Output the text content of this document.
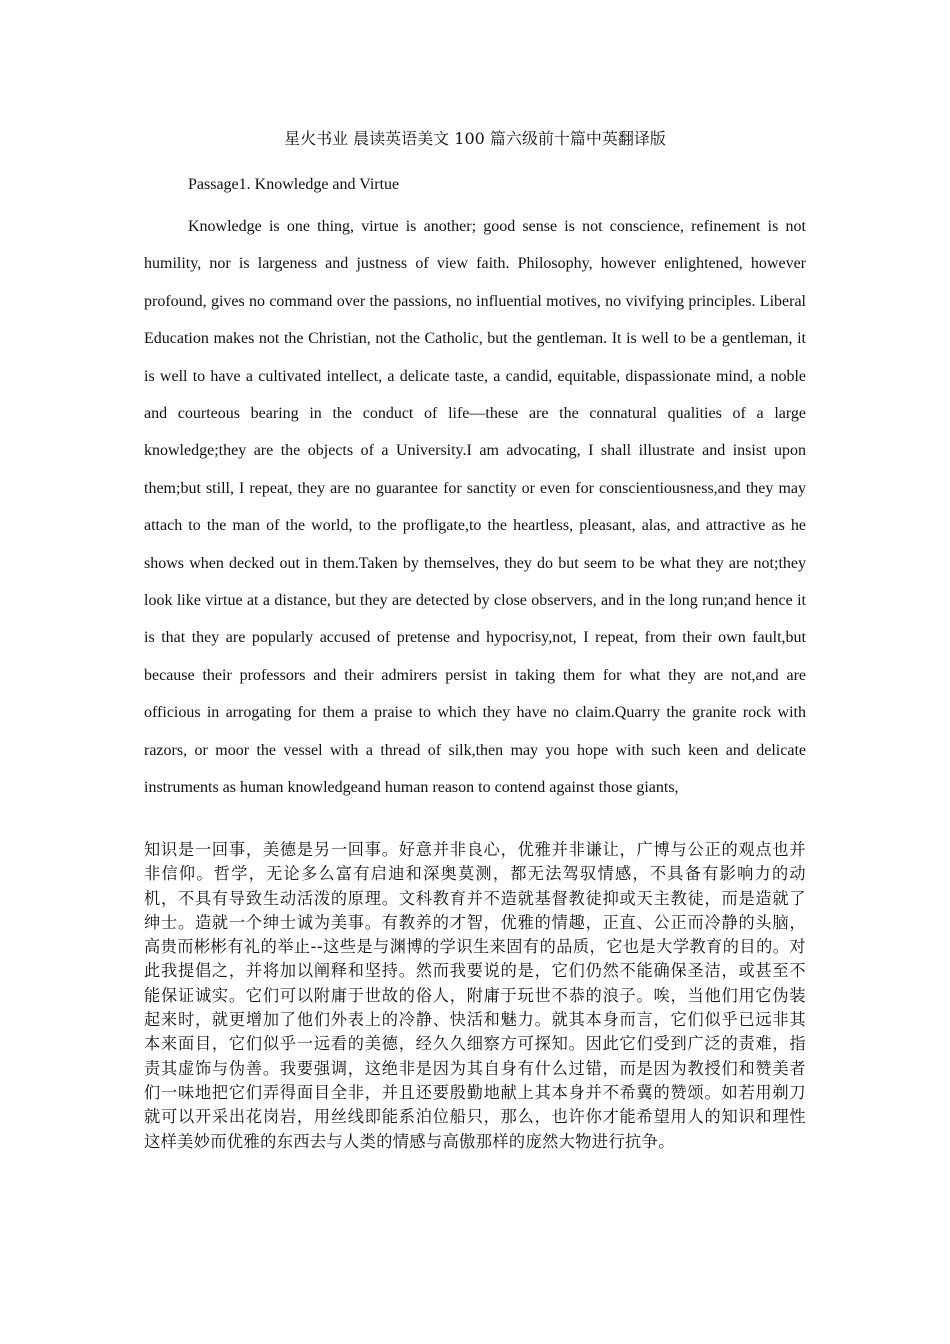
星火书业 晨读英语美文 100 篇六级前十篇中英翻译版
Passage1. Knowledge and Virtue

Knowledge is one thing, virtue is another; good sense is not conscience, refinement is not humility, nor is largeness and justness of view faith. Philosophy, however enlightened, however profound, gives no command over the passions, no influential motives, no vivifying principles. Liberal Education makes not the Christian, not the Catholic, but the gentleman. It is well to be a gentleman, it is well to have a cultivated intellect, a delicate taste, a candid, equitable, dispassionate mind, a noble and courteous bearing in the conduct of life—these are the connatural qualities of a large knowledge;they are the objects of a University.I am advocating, I shall illustrate and insist upon them;but still, I repeat, they are no guarantee for sanctity or even for conscientiousness,and they may attach to the man of the world, to the profligate,to the heartless, pleasant, alas, and attractive as he shows when decked out in them.Taken by themselves, they do but seem to be what they are not;they look like virtue at a distance, but they are detected by close observers, and in the long run;and hence it is that they are popularly accused of pretense and hypocrisy,not, I repeat, from their own fault,but because their professors and their admirers persist in taking them for what they are not,and are officious in arrogating for them a praise to which they have no claim.Quarry the granite rock with razors, or moor the vessel with a thread of silk,then may you hope with such keen and delicate instruments as human knowledgeand human reason to contend against those giants,

知识是一回事，美德是另一回事。好意并非良心，优雅并非谦让，广博与公正的观点也并非信仰。哲学，无论多么富有启迪和深奥莫测，都无法驾驭情感，不具备有影响力的动机，不具有导致生动活泼的原理。文科教育并不造就基督教徒抑或天主教徒，而是造就了绅士。造就一个绅士诚为美事。有教养的才智，优雅的情趣，正直、公正而冷静的头脑，高贵而彬彬有礼的举止--这些是与渊博的学识生来固有的品质，它也是大学教育的目的。对此我提倡之，并将加以阐释和坚持。然而我要说的是，它们仍然不能确保圣洁，或甚至不能保证诚实。它们可以附庸于世故的俗人，附庸于玩世不恭的浪子。唉，当他们用它伪装起来时，就更增加了他们外表上的冷静、快活和魅力。就其本身而言，它们似乎已远非其本来面目，它们似乎一远看的美德，经久久细察方可探知。因此它们受到广泛的责难，指责其虚饰与伪善。我要强调，这绝非是因为其自身有什么过错，而是因为教授们和赞美者们一味地把它们弄得面目全非，并且还要殷勤地献上其本身并不希冀的赞颂。如若用剃刀就可以开采出花岗岩，用丝线即能系泊位船只，那么，也许你才能希望用人的知识和理性这样美妙而优雅的东西去与人类的情感与高傲那样的庞然大物进行抗争。
